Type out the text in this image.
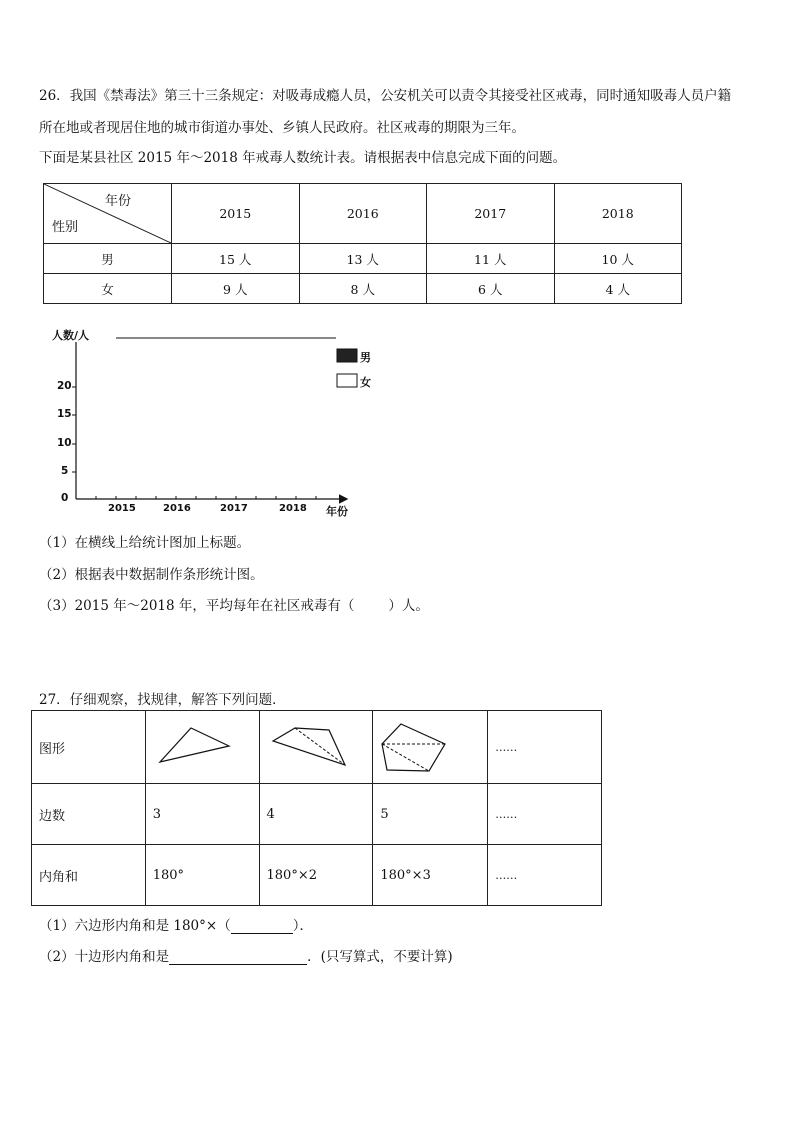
26．我国《禁毒法》第三十三条规定：对吸毒成瘾人员，公安机关可以责令其接受社区戒毒，同时通知吸毒人员户籍
所在地或者现居住地的城市街道办事处、乡镇人民政府。社区戒毒的期限为三年。
下面是某县社区 2015 年～2018 年戒毒人数统计表。请根据表中信息完成下面的问题。
年份
性别	2015	2016	2017	2018
男	15 人	13 人	11 人	10 人
女	9 人	8 人	6 人	4 人
人数/人
20
15
10
5
0
2015	2016	2017	2018 年份
男
女
（1）在横线上给统计图加上标题。
（2）根据表中数据制作条形统计图。
（3）2015 年～2018 年，平均每年在社区戒毒有（	）人。
27．仔细观察，找规律，解答下列问题．
图形				……
边数	3	4	5	……
内角和	180°	180°×2	180°×3	……
（1）六边形内角和是 180°×（	）．
（2）十边形内角和是	．(只写算式，不要计算)
